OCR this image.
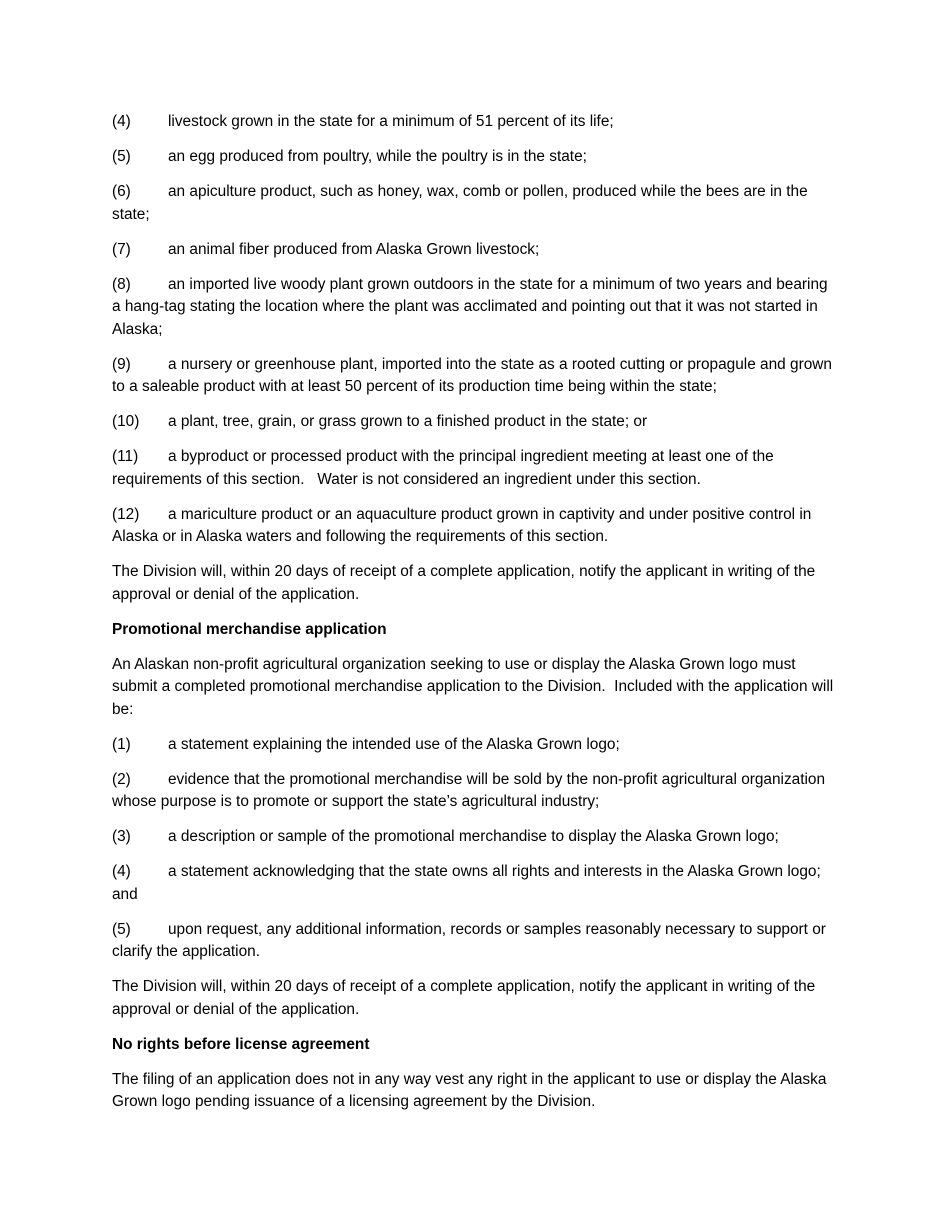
(4) livestock grown in the state for a minimum of 51 percent of its life;

(5) an egg produced from poultry, while the poultry is in the state;

(6) an apiculture product, such as honey, wax, comb or pollen, produced while the bees are in the state;

(7) an animal fiber produced from Alaska Grown livestock;

(8) an imported live woody plant grown outdoors in the state for a minimum of two years and bearing a hang-tag stating the location where the plant was acclimated and pointing out that it was not started in Alaska;

(9) a nursery or greenhouse plant, imported into the state as a rooted cutting or propagule and grown to a saleable product with at least 50 percent of its production time being within the state;

(10) a plant, tree, grain, or grass grown to a finished product in the state; or

(11) a byproduct or processed product with the principal ingredient meeting at least one of the requirements of this section.   Water is not considered an ingredient under this section.

(12) a mariculture product or an aquaculture product grown in captivity and under positive control in Alaska or in Alaska waters and following the requirements of this section.

The Division will, within 20 days of receipt of a complete application, notify the applicant in writing of the approval or denial of the application.

Promotional merchandise application

An Alaskan non-profit agricultural organization seeking to use or display the Alaska Grown logo must submit a completed promotional merchandise application to the Division.  Included with the application will be:

(1) a statement explaining the intended use of the Alaska Grown logo;

(2) evidence that the promotional merchandise will be sold by the non-profit agricultural organization whose purpose is to promote or support the state’s agricultural industry;

(3) a description or sample of the promotional merchandise to display the Alaska Grown logo;

(4) a statement acknowledging that the state owns all rights and interests in the Alaska Grown logo; and

(5) upon request, any additional information, records or samples reasonably necessary to support or clarify the application.

The Division will, within 20 days of receipt of a complete application, notify the applicant in writing of the approval or denial of the application.

No rights before license agreement

The filing of an application does not in any way vest any right in the applicant to use or display the Alaska Grown logo pending issuance of a licensing agreement by the Division.
